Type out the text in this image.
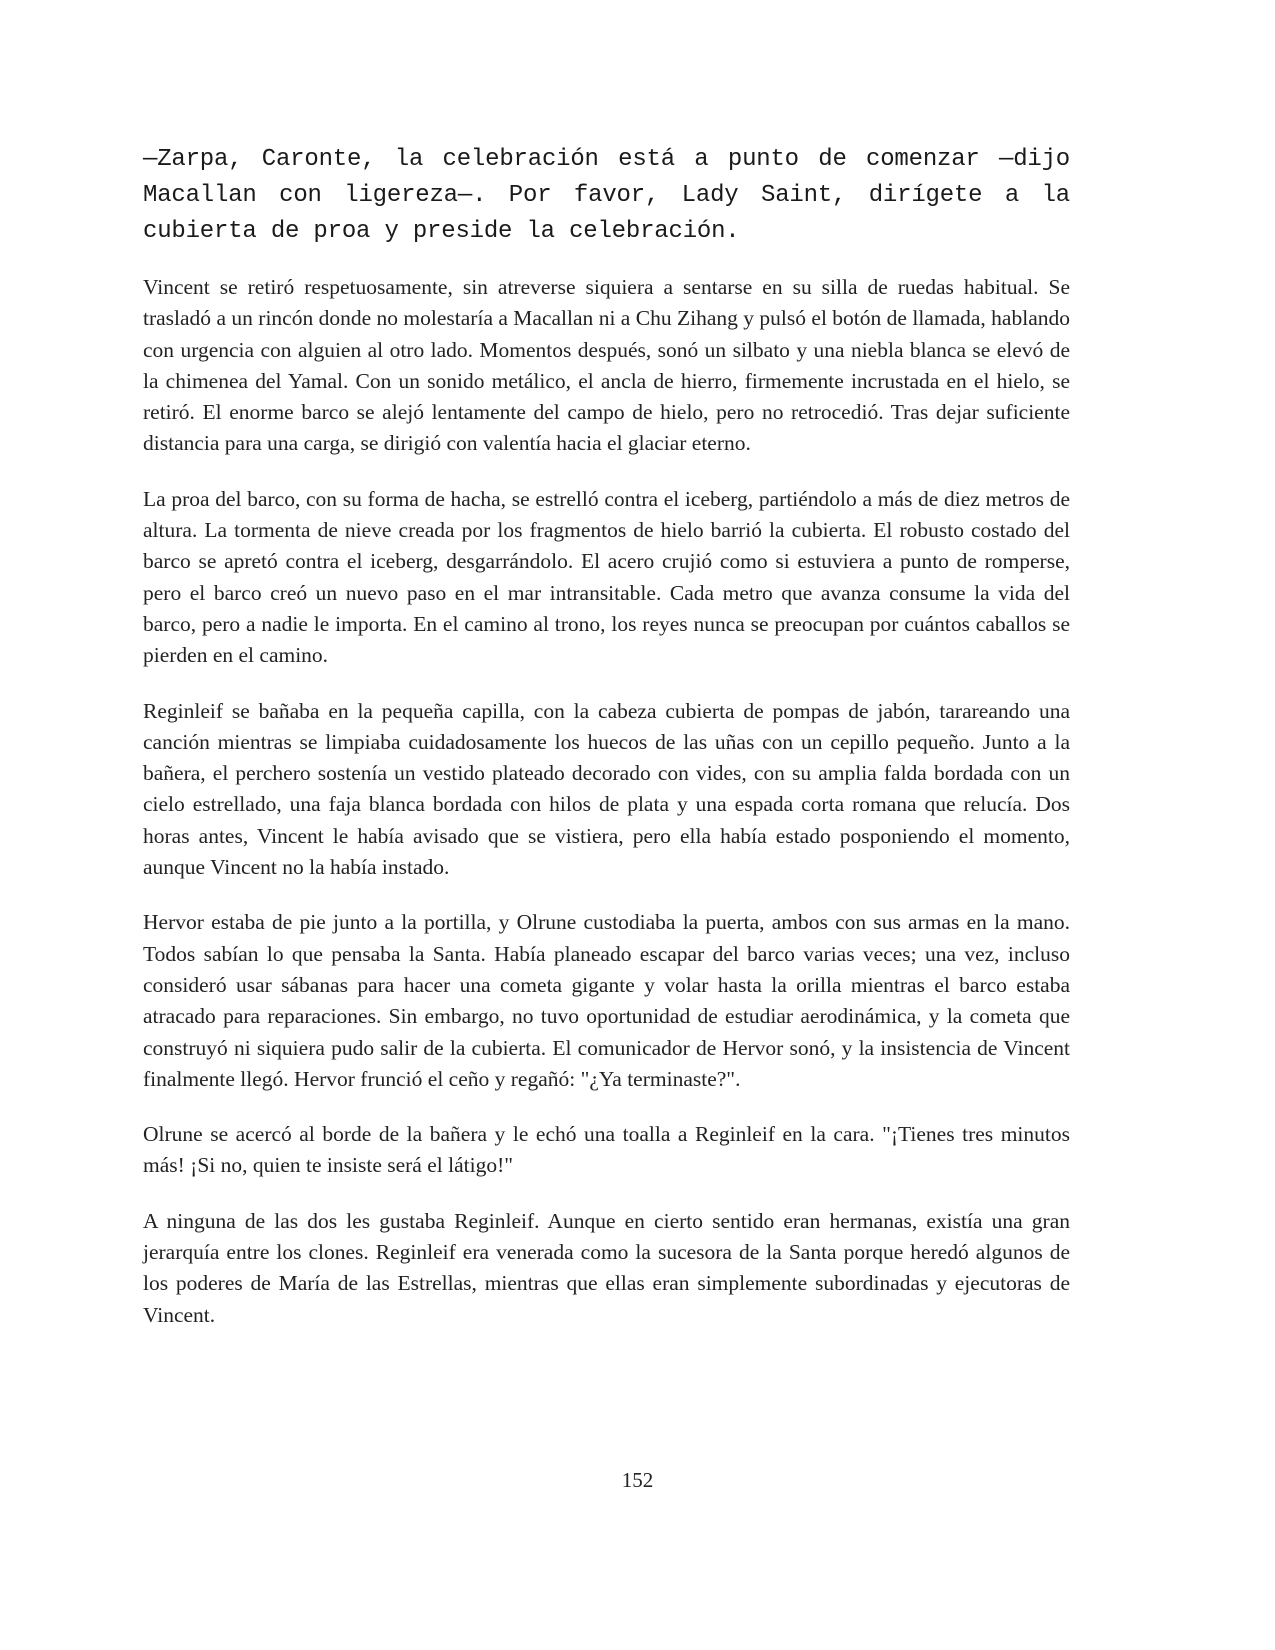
—Zarpa, Caronte, la celebración está a punto de comenzar —dijo Macallan con ligereza—. Por favor, Lady Saint, dirígete a la cubierta de proa y preside la celebración.

Vincent se retiró respetuosamente, sin atreverse siquiera a sentarse en su silla de ruedas habitual. Se trasladó a un rincón donde no molestaría a Macallan ni a Chu Zihang y pulsó el botón de llamada, hablando con urgencia con alguien al otro lado. Momentos después, sonó un silbato y una niebla blanca se elevó de la chimenea del Yamal. Con un sonido metálico, el ancla de hierro, firmemente incrustada en el hielo, se retiró. El enorme barco se alejó lentamente del campo de hielo, pero no retrocedió. Tras dejar suficiente distancia para una carga, se dirigió con valentía hacia el glaciar eterno.

La proa del barco, con su forma de hacha, se estrelló contra el iceberg, partiéndolo a más de diez metros de altura. La tormenta de nieve creada por los fragmentos de hielo barrió la cubierta. El robusto costado del barco se apretó contra el iceberg, desgarrándolo. El acero crujió como si estuviera a punto de romperse, pero el barco creó un nuevo paso en el mar intransitable. Cada metro que avanza consume la vida del barco, pero a nadie le importa. En el camino al trono, los reyes nunca se preocupan por cuántos caballos se pierden en el camino.

Reginleif se bañaba en la pequeña capilla, con la cabeza cubierta de pompas de jabón, tarareando una canción mientras se limpiaba cuidadosamente los huecos de las uñas con un cepillo pequeño. Junto a la bañera, el perchero sostenía un vestido plateado decorado con vides, con su amplia falda bordada con un cielo estrellado, una faja blanca bordada con hilos de plata y una espada corta romana que relucía. Dos horas antes, Vincent le había avisado que se vistiera, pero ella había estado posponiendo el momento, aunque Vincent no la había instado.

Hervor estaba de pie junto a la portilla, y Olrune custodiaba la puerta, ambos con sus armas en la mano. Todos sabían lo que pensaba la Santa. Había planeado escapar del barco varias veces; una vez, incluso consideró usar sábanas para hacer una cometa gigante y volar hasta la orilla mientras el barco estaba atracado para reparaciones. Sin embargo, no tuvo oportunidad de estudiar aerodinámica, y la cometa que construyó ni siquiera pudo salir de la cubierta. El comunicador de Hervor sonó, y la insistencia de Vincent finalmente llegó. Hervor frunció el ceño y regañó: "¿Ya terminaste?".

Olrune se acercó al borde de la bañera y le echó una toalla a Reginleif en la cara. "¡Tienes tres minutos más! ¡Si no, quien te insiste será el látigo!"

A ninguna de las dos les gustaba Reginleif. Aunque en cierto sentido eran hermanas, existía una gran jerarquía entre los clones. Reginleif era venerada como la sucesora de la Santa porque heredó algunos de los poderes de María de las Estrellas, mientras que ellas eran simplemente subordinadas y ejecutoras de Vincent.

152
